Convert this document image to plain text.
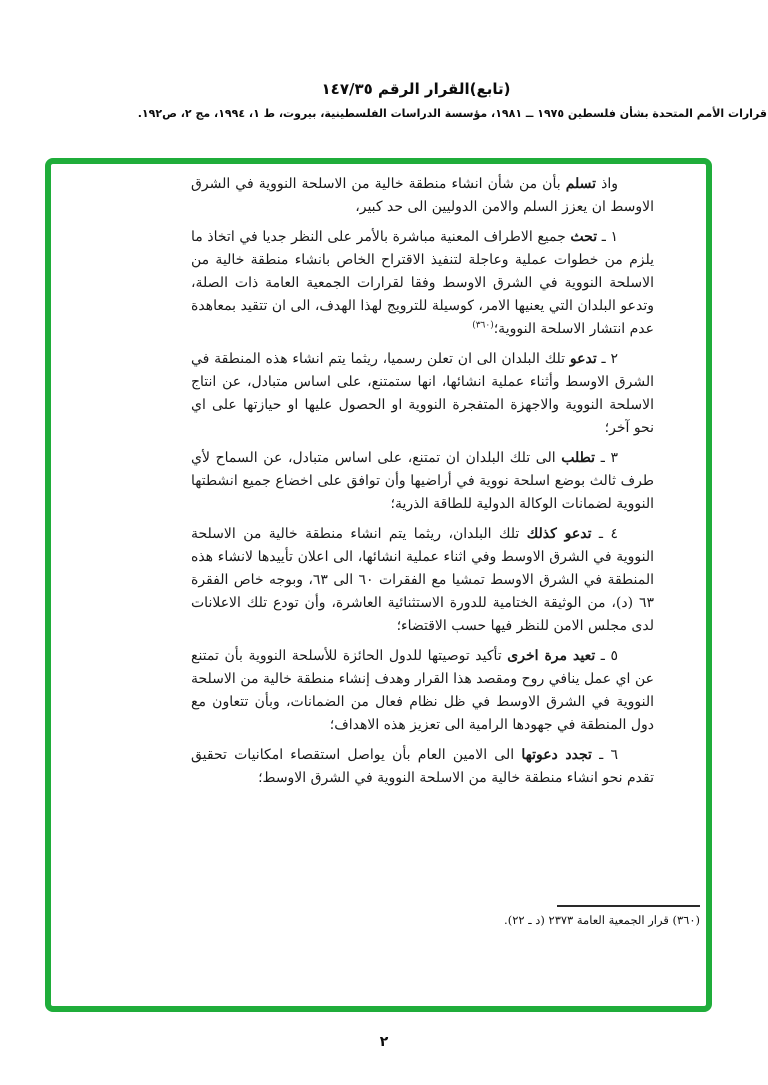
(تابع)القرار الرقم ١٤٧/٣٥
قرارات الأمم المتحدة بشأن فلسطين ١٩٧٥ ــ ١٩٨١، مؤسسة الدراسات الفلسطينية، بيروت، ط ١، ١٩٩٤، مج ٢، ص١٩٢.

واذ تسلم بأن من شأن انشاء منطقة خالية من الاسلحة النووية في الشرق الاوسط ان يعزز السلم والامن الدوليين الى حد كبير،

١ ـ تحث جميع الاطراف المعنية مباشرة بالأمر على النظر جديا في اتخاذ ما يلزم من خطوات عملية وعاجلة لتنفيذ الاقتراح الخاص بانشاء منطقة خالية من الاسلحة النووية في الشرق الاوسط وفقا لقرارات الجمعية العامة ذات الصلة، وتدعو البلدان التي يعنيها الامر، كوسيلة للترويج لهذا الهدف، الى ان تتقيد بمعاهدة عدم انتشار الاسلحة النووية؛$^{(٣٦٠)}$

٢ ـ تدعو تلك البلدان الى ان تعلن رسميا، ريثما يتم انشاء هذه المنطقة في الشرق الاوسط وأثناء عملية انشائها، انها ستمتنع، على اساس متبادل، عن انتاج الاسلحة النووية والاجهزة المتفجرة النووية او الحصول عليها او حيازتها على اي نحو آخر؛

٣ ـ تطلب الى تلك البلدان ان تمتنع، على اساس متبادل، عن السماح لأي طرف ثالث بوضع اسلحة نووية في أراضيها وأن توافق على اخضاع جميع انشطتها النووية لضمانات الوكالة الدولية للطاقة الذرية؛

٤ ـ تدعو كذلك تلك البلدان، ريثما يتم انشاء منطقة خالية من الاسلحة النووية في الشرق الاوسط وفي اثناء عملية انشائها، الى اعلان تأييدها لانشاء هذه المنطقة في الشرق الاوسط تمشيا مع الفقرات ٦٠ الى ٦٣، وبوجه خاص الفقرة ٦٣ (د)، من الوثيقة الختامية للدورة الاستثنائية العاشرة، وأن تودع تلك الاعلانات لدى مجلس الامن للنظر فيها حسب الاقتضاء؛

٥ ـ تعيد مرة اخرى تأكيد توصيتها للدول الحائزة للأسلحة النووية بأن تمتنع عن اي عمل ينافي روح ومقصد هذا القرار وهدف إنشاء منطقة خالية من الاسلحة النووية في الشرق الاوسط في ظل نظام فعال من الضمانات، وبأن تتعاون مع دول المنطقة في جهودها الرامية الى تعزيز هذه الاهداف؛

٦ ـ تجدد دعوتها الى الامين العام بأن يواصل استقصاء امكانيات تحقيق تقدم نحو انشاء منطقة خالية من الاسلحة النووية في الشرق الاوسط؛

(٣٦٠) قرار الجمعية العامة ٢٣٧٣ (د ـ ٢٢).
٢
